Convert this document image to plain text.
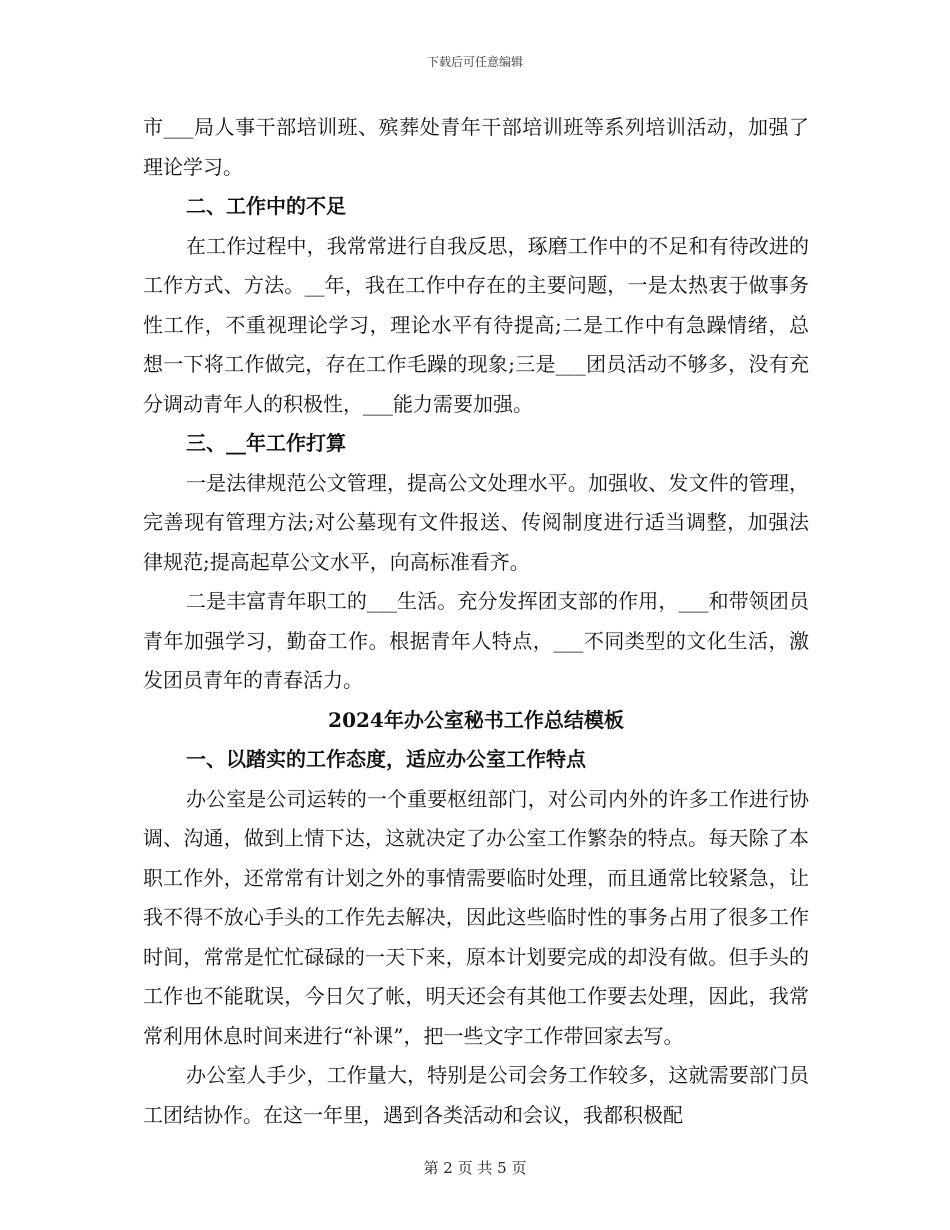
下载后可任意编辑

市___局人事干部培训班、殡葬处青年干部培训班等系列培训活动，加强了理论学习。

二、工作中的不足

在工作过程中，我常常进行自我反思，琢磨工作中的不足和有待改进的工作方式、方法。__年，我在工作中存在的主要问题，一是太热衷于做事务性工作，不重视理论学习，理论水平有待提高;二是工作中有急躁情绪，总想一下将工作做完，存在工作毛躁的现象;三是___团员活动不够多，没有充分调动青年人的积极性，___能力需要加强。

三、__年工作打算

一是法律规范公文管理，提高公文处理水平。加强收、发文件的管理，完善现有管理方法;对公墓现有文件报送、传阅制度进行适当调整，加强法律规范;提高起草公文水平，向高标准看齐。

二是丰富青年职工的___生活。充分发挥团支部的作用，___和带领团员青年加强学习，勤奋工作。根据青年人特点，___不同类型的文化生活，激发团员青年的青春活力。

2024年办公室秘书工作总结模板

一、以踏实的工作态度，适应办公室工作特点

办公室是公司运转的一个重要枢纽部门，对公司内外的许多工作进行协调、沟通，做到上情下达，这就决定了办公室工作繁杂的特点。每天除了本职工作外，还常常有计划之外的事情需要临时处理，而且通常比较紧急，让我不得不放心手头的工作先去解决，因此这些临时性的事务占用了很多工作时间，常常是忙忙碌碌的一天下来，原本计划要完成的却没有做。但手头的工作也不能耽误，今日欠了帐，明天还会有其他工作要去处理，因此，我常常利用休息时间来进行“补课”，把一些文字工作带回家去写。

办公室人手少，工作量大，特别是公司会务工作较多，这就需要部门员工团结协作。在这一年里，遇到各类活动和会议，我都积极配

第 2 页 共 5 页
